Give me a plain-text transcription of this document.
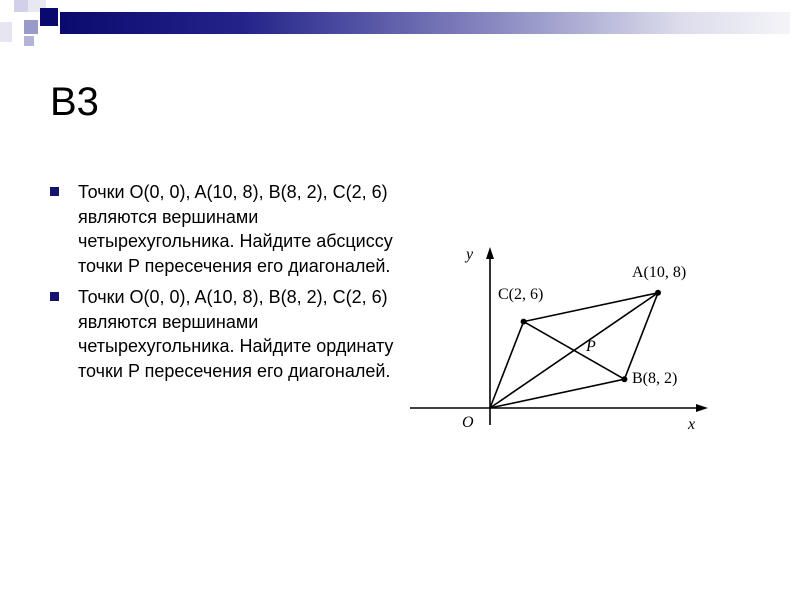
В3
Точки O(0, 0), A(10, 8), B(8, 2), C(2, 6) являются вершинами четырехугольника. Найдите абсциссу точки P пересечения его диагоналей.
Точки O(0, 0), A(10, 8), B(8, 2), C(2, 6) являются вершинами четырехугольника. Найдите ординату точки P пересечения его диагоналей.
x
y
O
A(10, 8)
B(8, 2)
C(2, 6)
P
